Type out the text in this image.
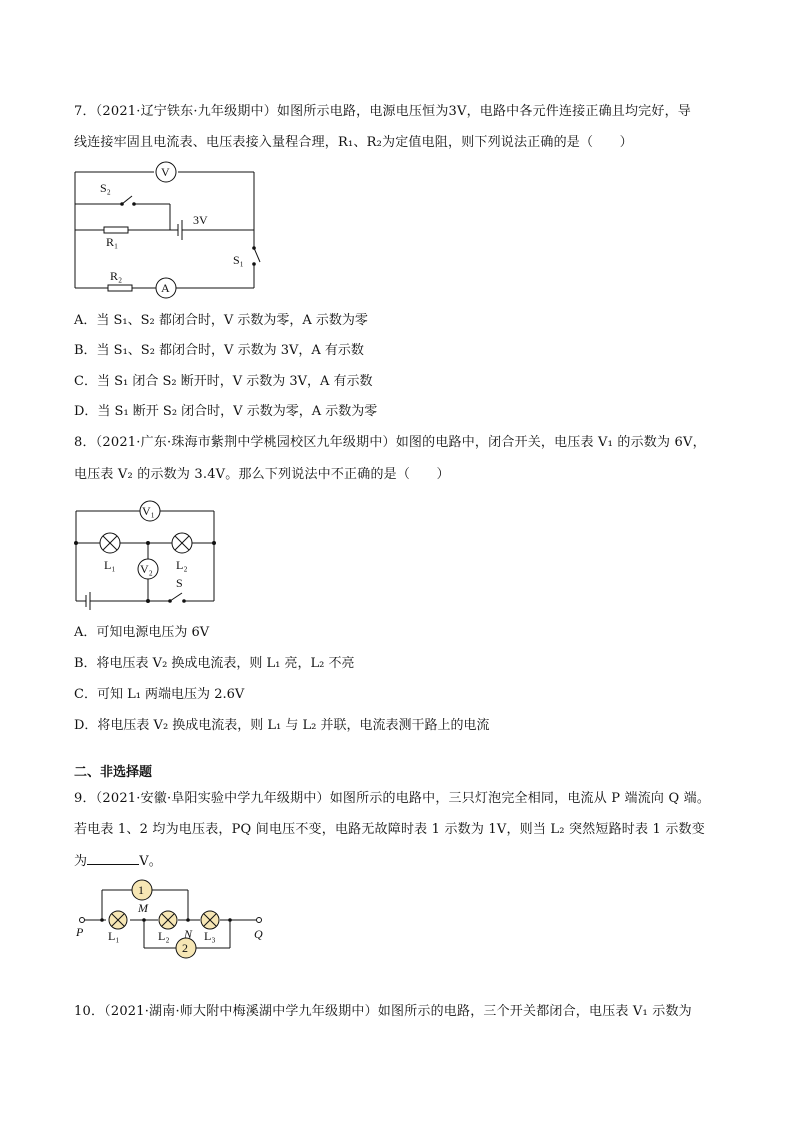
7．（2021·辽宁铁东·九年级期中）如图所示电路，电源电压恒为3V，电路中各元件连接正确且均完好，导
线连接牢固且电流表、电压表接入量程合理，R₁、R₂为定值电阻，则下列说法正确的是（　　）
V
A
S₂
R₁
3V
S₁
R₂
A．当 S₁、S₂ 都闭合时，V 示数为零，A 示数为零
B．当 S₁、S₂ 都闭合时，V 示数为 3V，A 有示数
C．当 S₁ 闭合 S₂ 断开时，V 示数为 3V，A 有示数
D．当 S₁ 断开 S₂ 闭合时，V 示数为零，A 示数为零
8．（2021·广东·珠海市紫荆中学桃园校区九年级期中）如图的电路中，闭合开关，电压表 V₁ 的示数为 6V，
电压表 V₂ 的示数为 3.4V。那么下列说法中不正确的是（　　）
V₁
V₂
L₁	L₂
S
A．可知电源电压为 6V
B．将电压表 V₂ 换成电流表，则 L₁ 亮，L₂ 不亮
C．可知 L₁ 两端电压为 2.6V
D．将电压表 V₂ 换成电流表，则 L₁ 与 L₂ 并联，电流表测干路上的电流
二、非选择题
9．（2021·安徽·阜阳实验中学九年级期中）如图所示的电路中，三只灯泡完全相同，电流从 P 端流向 Q 端。
若电表 1、2 均为电压表，PQ 间电压不变，电路无故障时表 1 示数为 1V，则当 L₂ 突然短路时表 1 示数变
为	V。
1
2
L₁	L₂	L₃
M
N
P	Q
10．（2021·湖南·师大附中梅溪湖中学九年级期中）如图所示的电路，三个开关都闭合，电压表 V₁ 示数为
